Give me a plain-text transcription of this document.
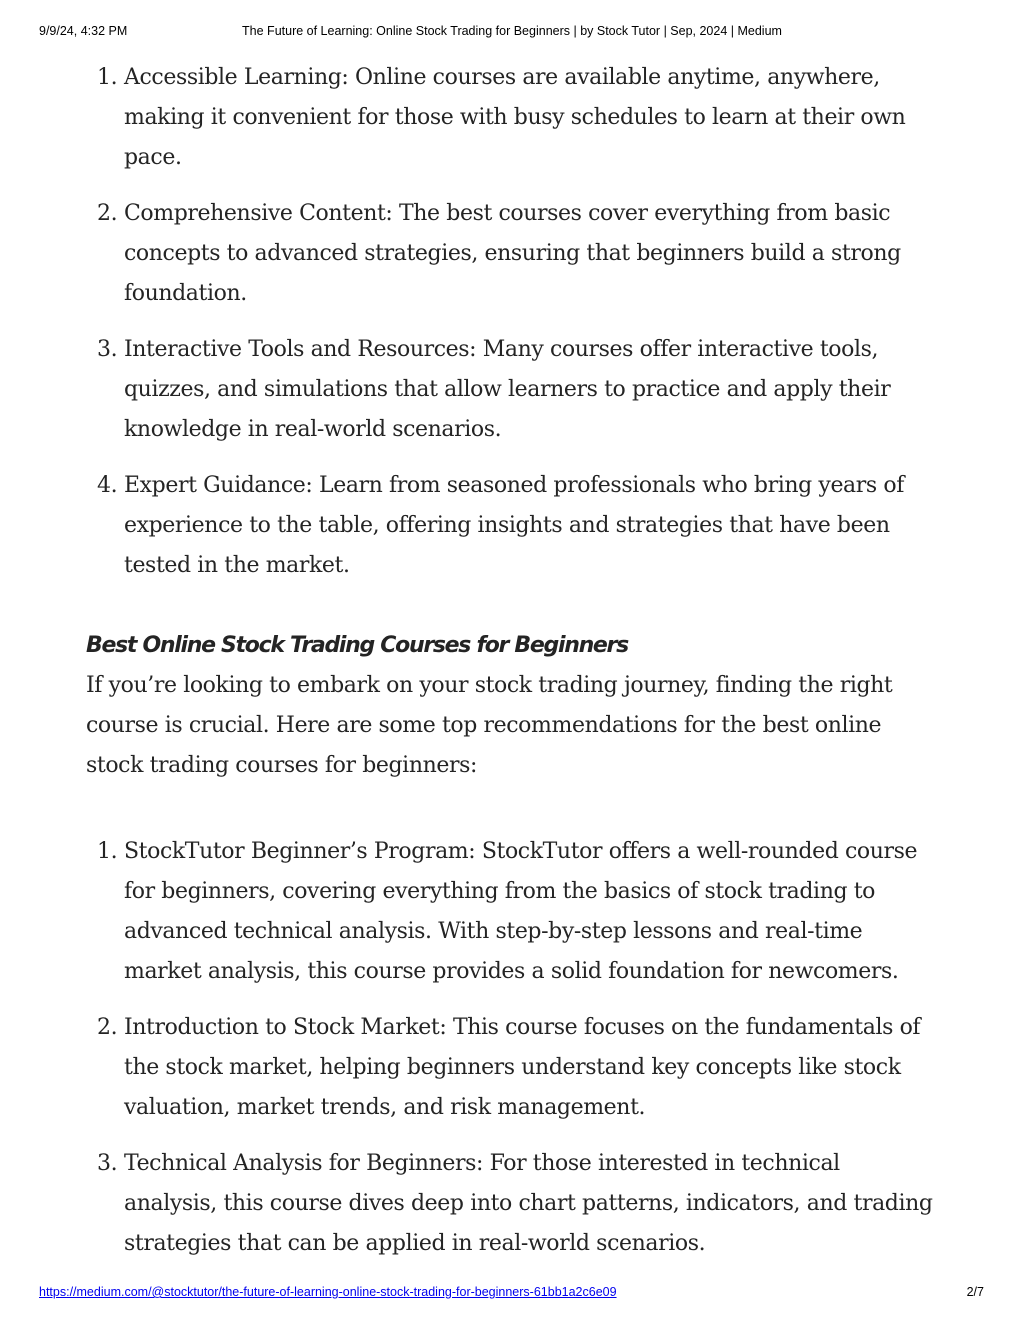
9/9/24, 4:32 PM	The Future of Learning: Online Stock Trading for Beginners | by Stock Tutor | Sep, 2024 | Medium
1. Accessible Learning: Online courses are available anytime, anywhere, making it convenient for those with busy schedules to learn at their own pace.
2. Comprehensive Content: The best courses cover everything from basic concepts to advanced strategies, ensuring that beginners build a strong foundation.
3. Interactive Tools and Resources: Many courses offer interactive tools, quizzes, and simulations that allow learners to practice and apply their knowledge in real-world scenarios.
4. Expert Guidance: Learn from seasoned professionals who bring years of experience to the table, offering insights and strategies that have been tested in the market.
Best Online Stock Trading Courses for Beginners

If you’re looking to embark on your stock trading journey, finding the right course is crucial. Here are some top recommendations for the best online stock trading courses for beginners:

1. StockTutor Beginner’s Program: StockTutor offers a well-rounded course for beginners, covering everything from the basics of stock trading to advanced technical analysis. With step-by-step lessons and real-time market analysis, this course provides a solid foundation for newcomers.
2. Introduction to Stock Market: This course focuses on the fundamentals of the stock market, helping beginners understand key concepts like stock valuation, market trends, and risk management.
3. Technical Analysis for Beginners: For those interested in technical analysis, this course dives deep into chart patterns, indicators, and trading strategies that can be applied in real-world scenarios.
https://medium.com/@stocktutor/the-future-of-learning-online-stock-trading-for-beginners-61bb1a2c6e09	2/7
